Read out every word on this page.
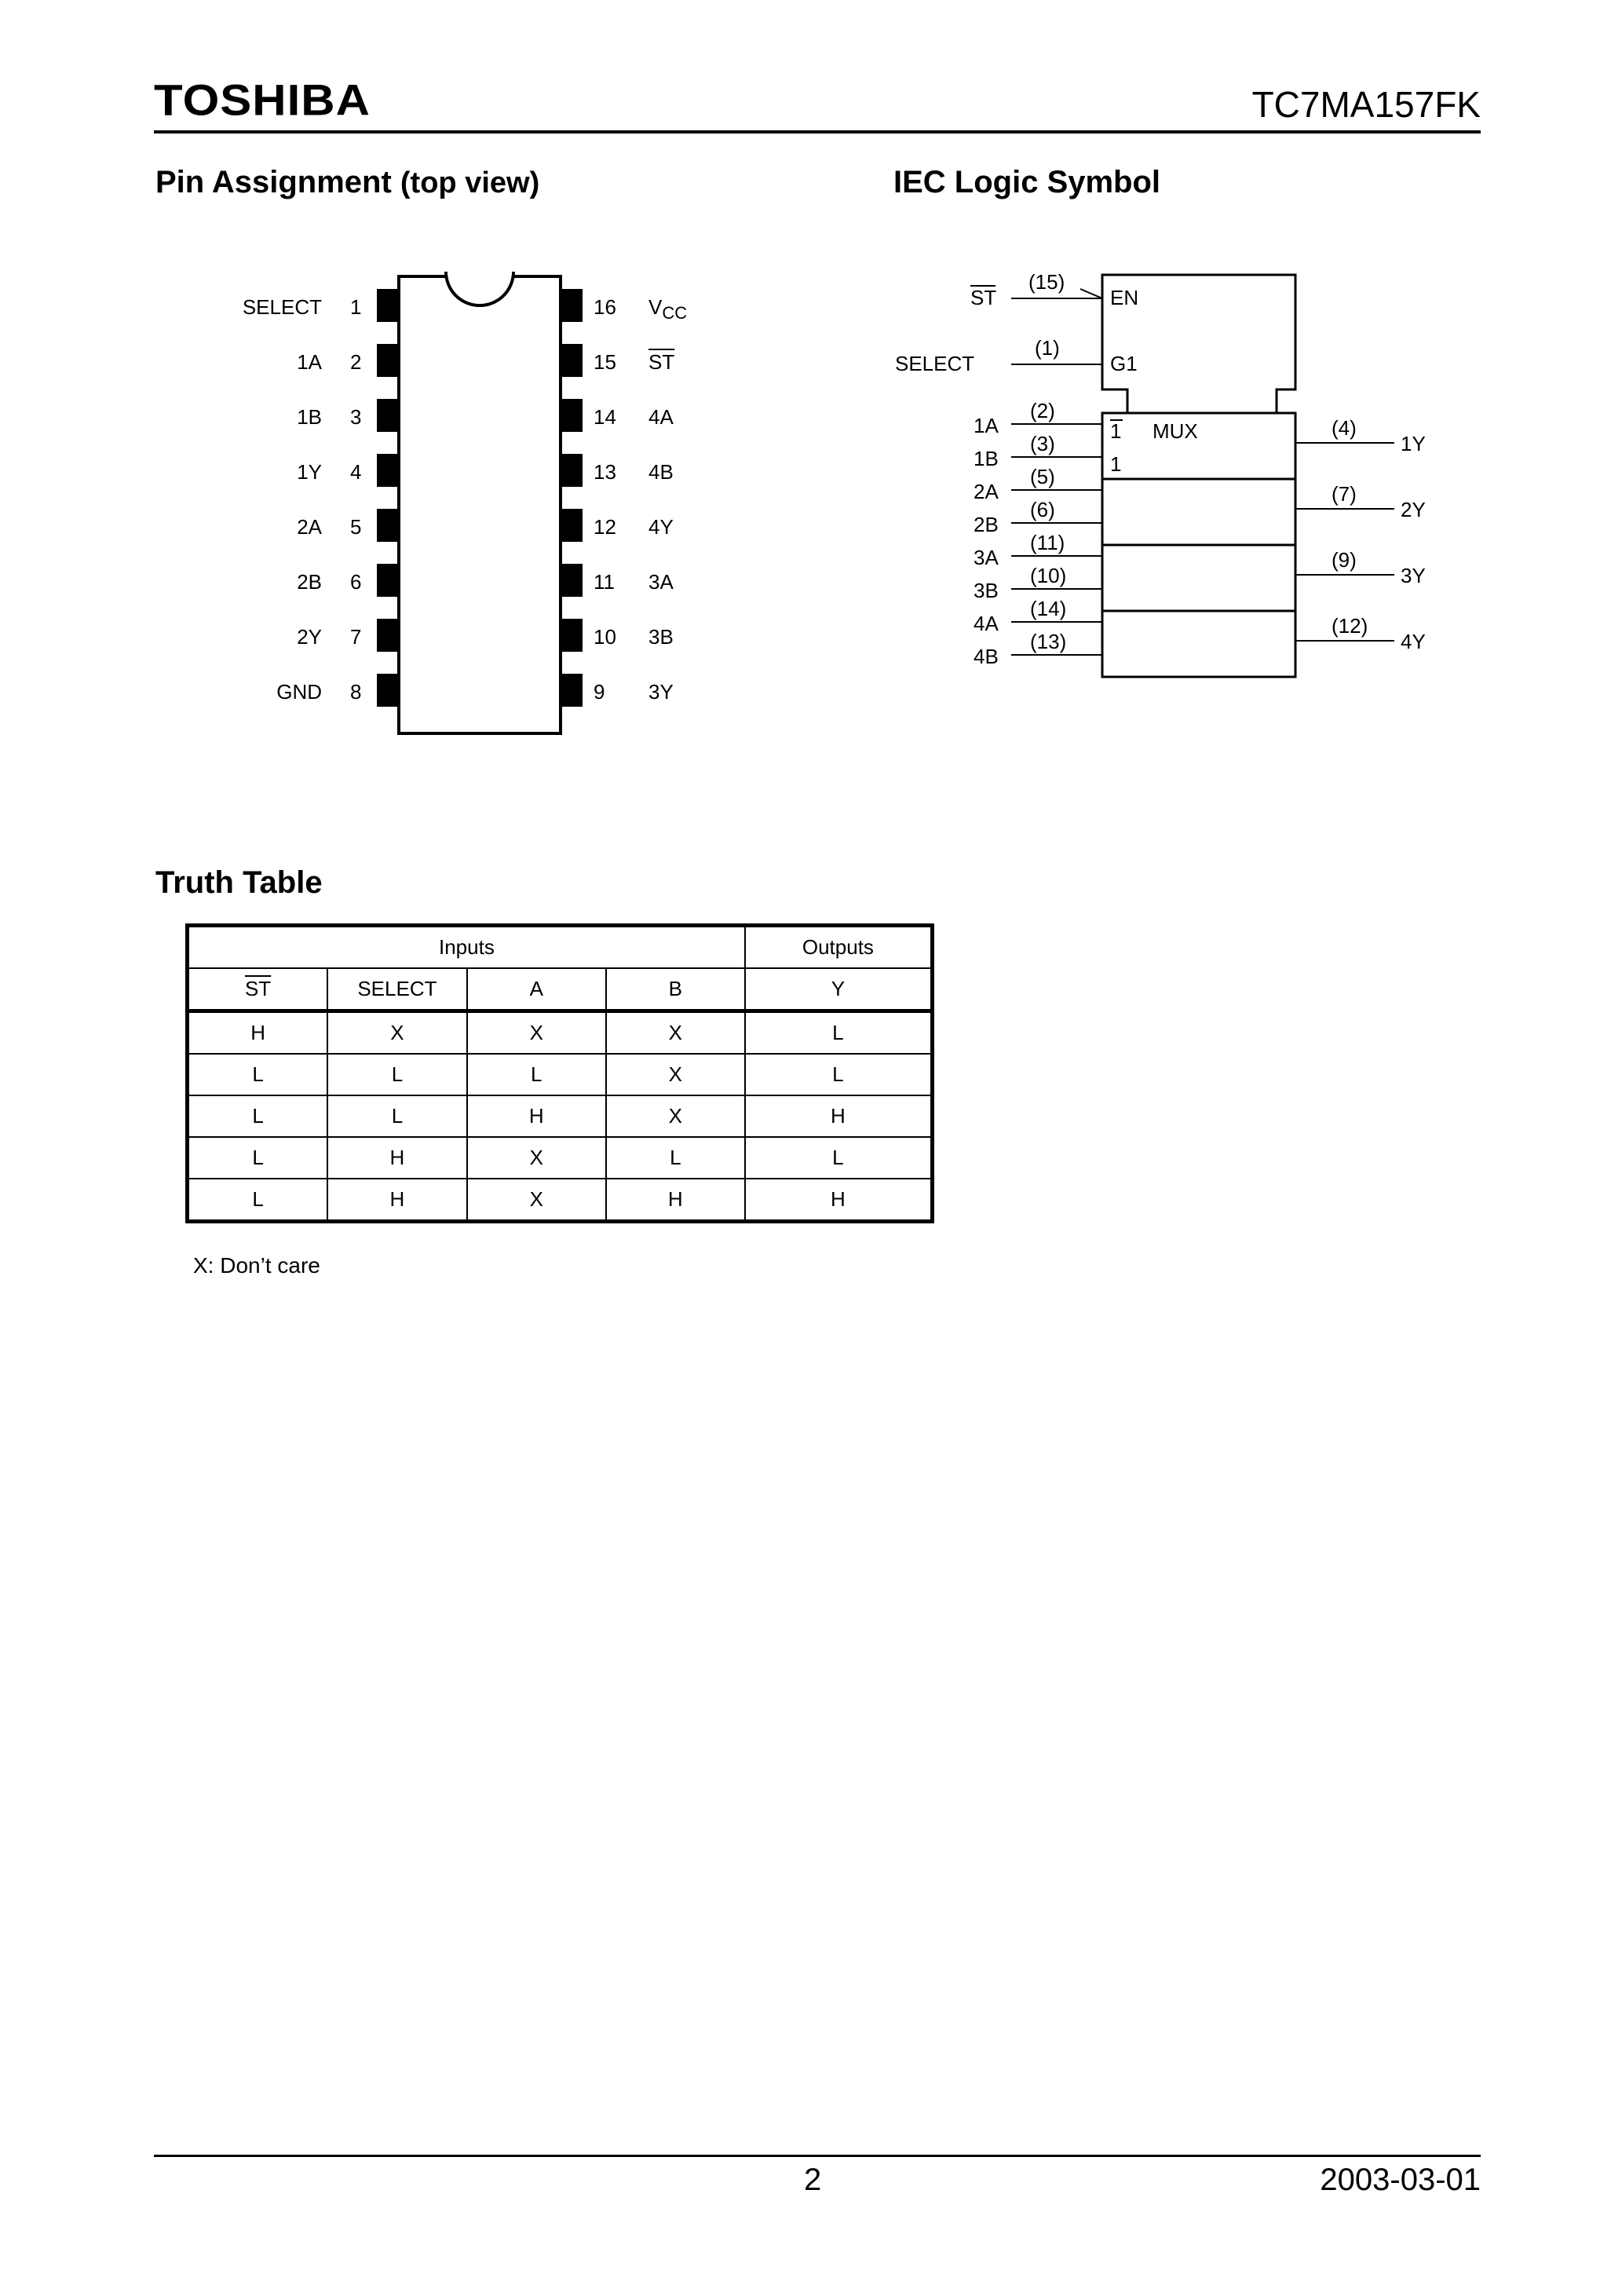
TOSHIBA	TC7MA157FK
Pin Assignment (top view)	IEC Logic Symbol
Truth Table
SELECT 1
1A 2
1B 3
1Y 4
2A 5
2B 6
2Y 7
GND 8
16	$V_{CC}$
15	$\overline{ST}$
14	4A
13	4B
12	4Y
11	3A
10	3B
9	3Y
ST
(15)
EN
SELECT
(1)
G1
1 MUX
1
1A
(2)
1B
(3)
2A
(5)
2B
(6)
3A
(11)
3B
(10)
4A
(14)
4B
(13)
1Y
(4)
2Y
(7)
3Y
(9)
4Y
(12)
Inputs				Outputs
$\overline{ST}$	SELECT	A	B	Y
H	X	X	X	L
L	L	L	X	L
L	L	H	X	H
L	H	X	L	L
L	H	X	H	H
X: Don’t care
2	2003-03-01
